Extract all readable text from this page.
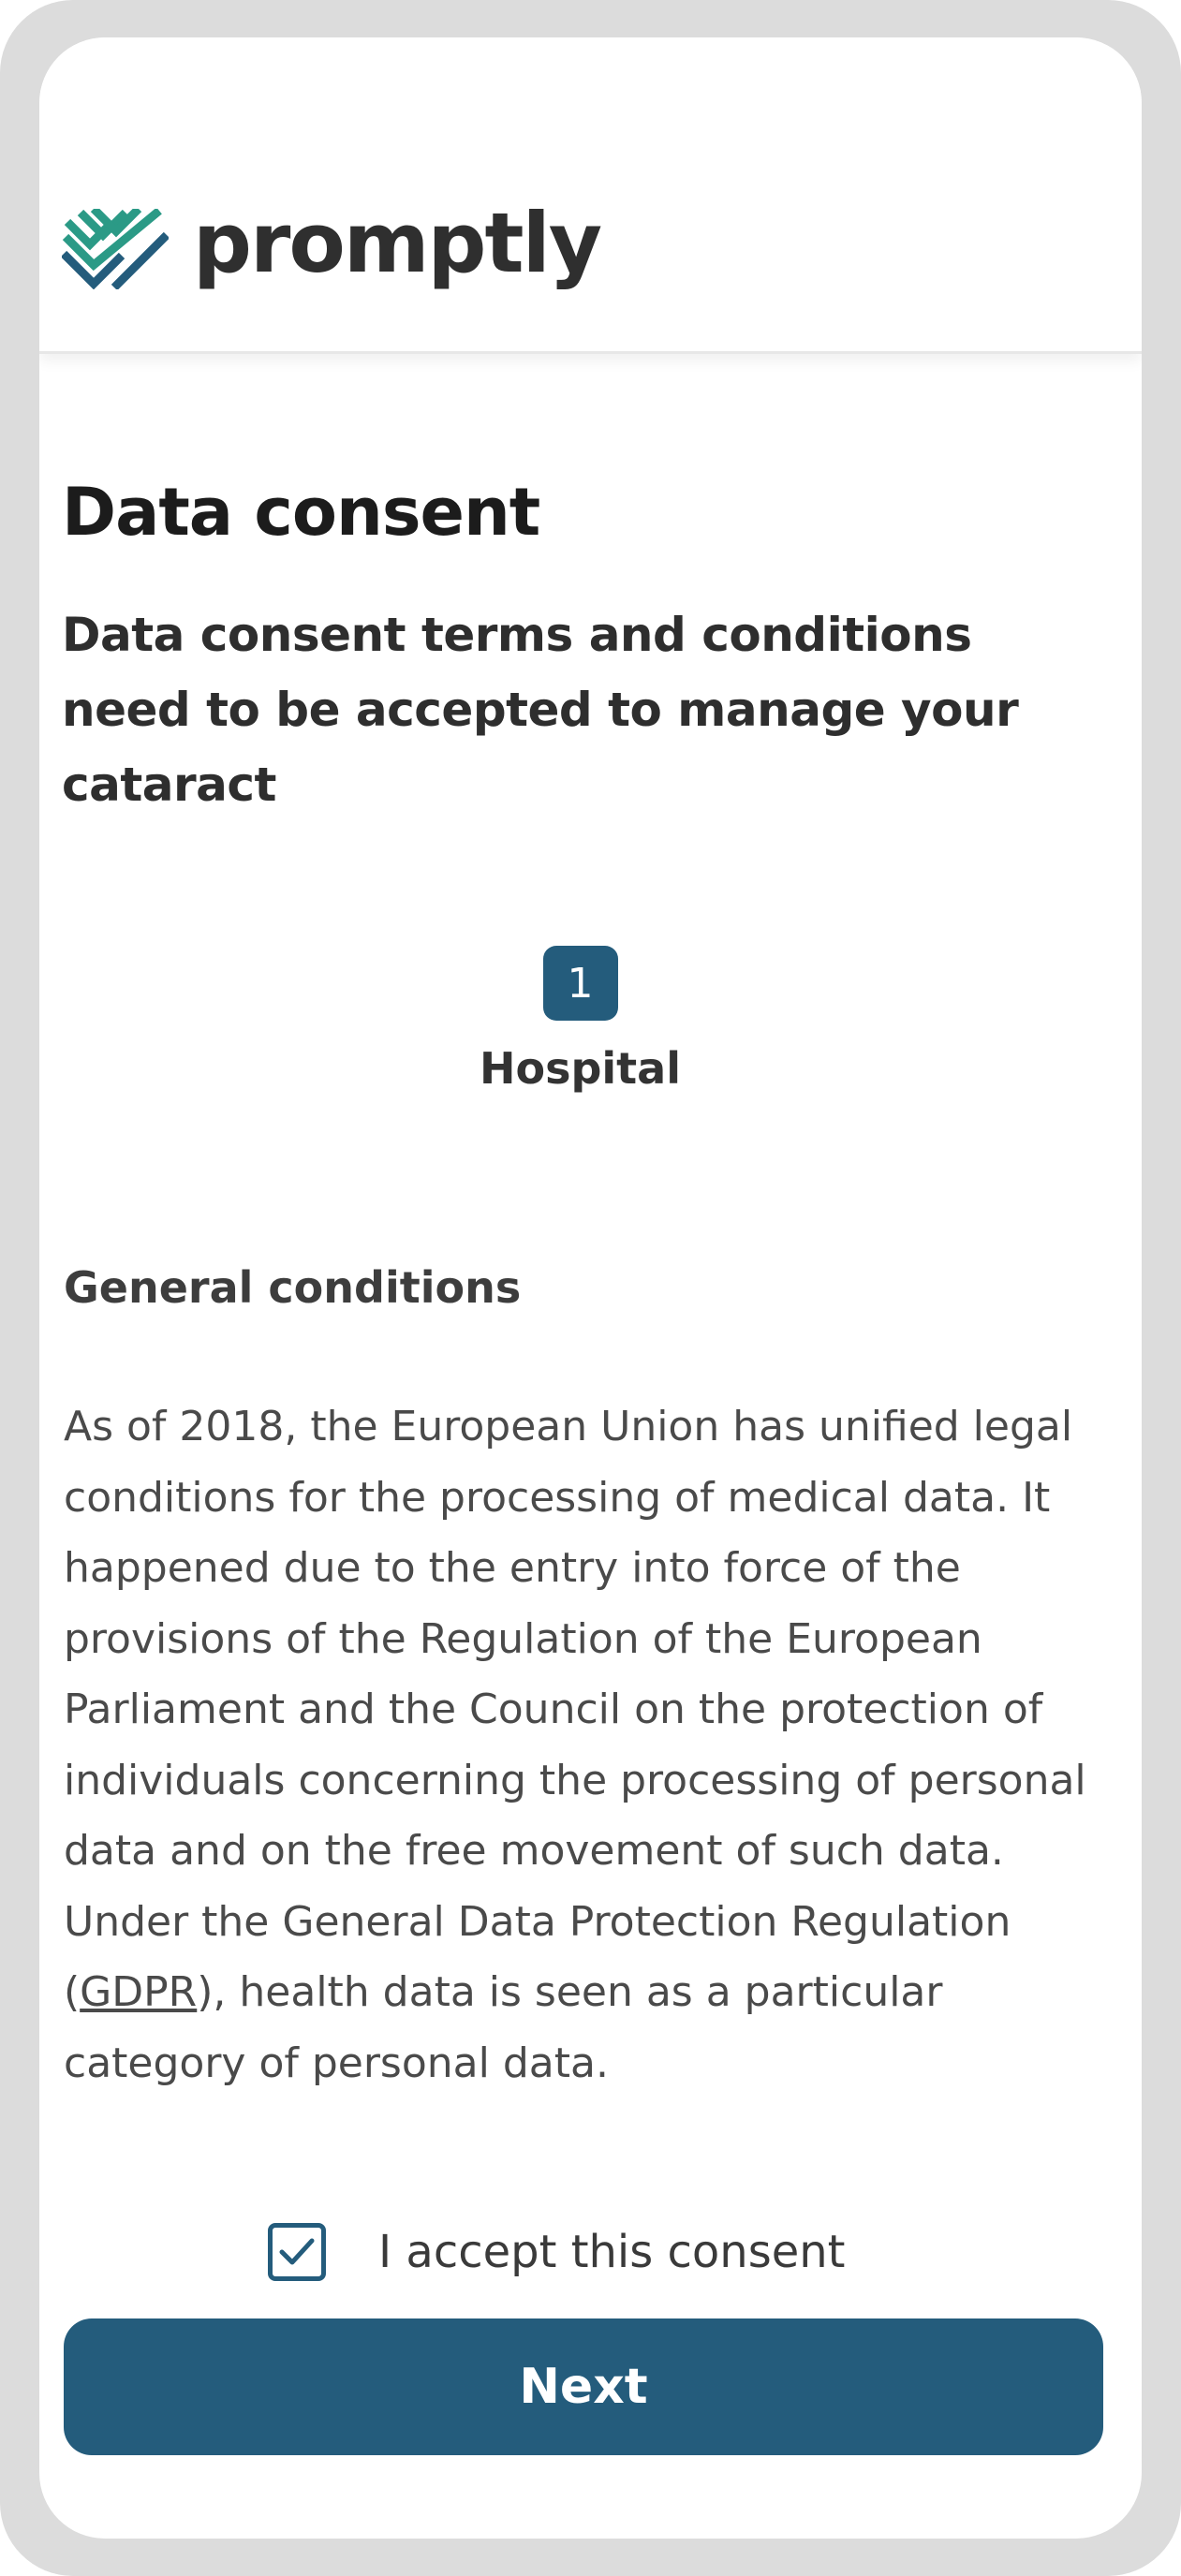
promptly
Data consent
Data consent terms and conditions need to be accepted to manage your cataract
1
Hospital
General conditions

As of 2018, the European Union has unified legal conditions for the processing of medical data. It happened due to the entry into force of the provisions of the Regulation of the European Parliament and the Council on the protection of individuals concerning the processing of personal data and on the free movement of such data.

Under the General Data Protection Regulation (GDPR), health data is seen as a particular category of personal data.

I accept this consent
Next
